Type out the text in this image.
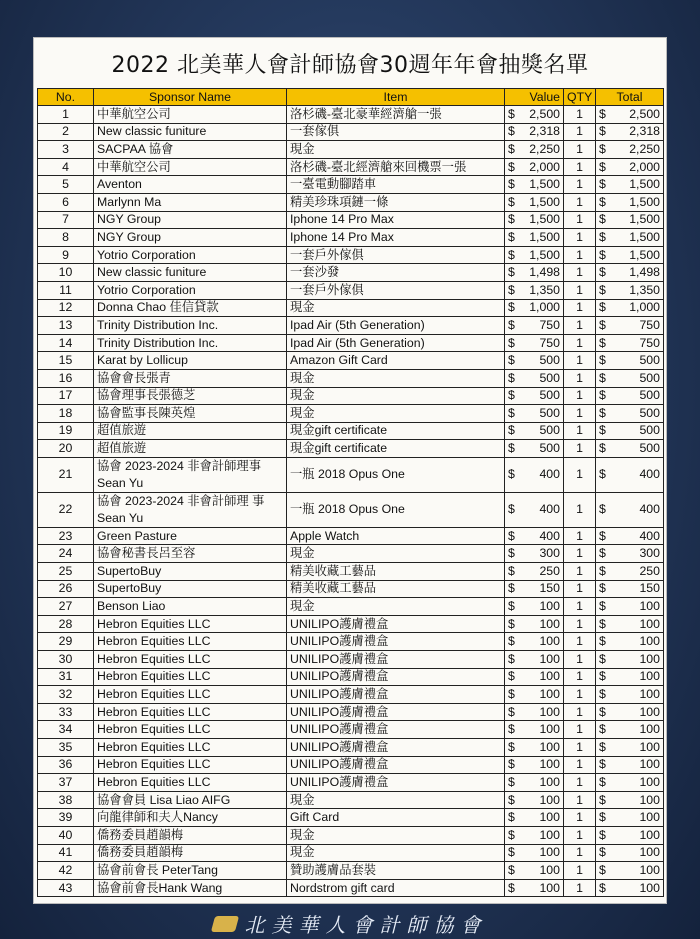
2022 北美華人會計師協會30週年年會抽獎名單
No.	Sponsor Name	Item	Value	QTY	Total
1	中華航空公司	洛杉磯-臺北豪華經濟艙一張	$ 2,500	1	$ 2,500

2	New classic funiture	一套傢俱	$ 2,318	1	$ 2,318

3	SACPAA 協會	現金	$ 2,250	1	$ 2,250

4	中華航空公司	洛杉磯-臺北經濟艙來回機票一張	$ 2,000	1	$ 2,000

5	Aventon	一臺電動腳踏車	$ 1,500	1	$ 1,500

6	Marlynn Ma	精美珍珠項鏈一條	$ 1,500	1	$ 1,500

7	NGY Group	Iphone 14 Pro Max	$ 1,500	1	$ 1,500

8	NGY Group	Iphone 14 Pro Max	$ 1,500	1	$ 1,500

9	Yotrio Corporation	一套戶外傢俱	$ 1,500	1	$ 1,500

10	New classic funiture	一套沙發	$ 1,498	1	$ 1,498

11	Yotrio Corporation	一套戶外傢俱	$ 1,350	1	$ 1,350

12	Donna Chao 佳信貸款	現金	$ 1,000	1	$ 1,000

13	Trinity Distribution Inc.	Ipad Air (5th Generation)	$ 750	1	$ 750

14	Trinity Distribution Inc.	Ipad Air (5th Generation)	$ 750	1	$ 750

15	Karat by Lollicup	Amazon Gift Card	$ 500	1	$ 500

16	協會會長張青	現金	$ 500	1	$ 500

17	協會理事長張德芝	現金	$ 500	1	$ 500

18	協會監事長陳英煌	現金	$ 500	1	$ 500

19	超值旅遊	現金gift certificate	$ 500	1	$ 500

20	超值旅遊	現金gift certificate	$ 500	1	$ 500

21	協會 2023-2024 非會計師理事Sean Yu	一瓶 2018 Opus One	$ 400	1	$ 400

22	協會 2023-2024 非會計師理 事Sean Yu	一瓶 2018 Opus One	$ 400	1	$ 400

23	Green Pasture	Apple Watch	$ 400	1	$ 400

24	協會秘書長呂至容	現金	$ 300	1	$ 300

25	SupertoBuy	精美收藏工藝品	$ 250	1	$ 250

26	SupertoBuy	精美收藏工藝品	$ 150	1	$ 150

27	Benson Liao	現金	$ 100	1	$ 100

28	Hebron Equities LLC	UNILIPO護膚禮盒	$ 100	1	$ 100

29	Hebron Equities LLC	UNILIPO護膚禮盒	$ 100	1	$ 100

30	Hebron Equities LLC	UNILIPO護膚禮盒	$ 100	1	$ 100

31	Hebron Equities LLC	UNILIPO護膚禮盒	$ 100	1	$ 100

32	Hebron Equities LLC	UNILIPO護膚禮盒	$ 100	1	$ 100

33	Hebron Equities LLC	UNILIPO護膚禮盒	$ 100	1	$ 100

34	Hebron Equities LLC	UNILIPO護膚禮盒	$ 100	1	$ 100

35	Hebron Equities LLC	UNILIPO護膚禮盒	$ 100	1	$ 100

36	Hebron Equities LLC	UNILIPO護膚禮盒	$ 100	1	$ 100

37	Hebron Equities LLC	UNILIPO護膚禮盒	$ 100	1	$ 100

38	協會會員 Lisa Liao AIFG	現金	$ 100	1	$ 100

39	向龍律師和夫人Nancy	Gift Card	$ 100	1	$ 100

40	僑務委員趙韻梅	現金	$ 100	1	$ 100

41	僑務委員趙韻梅	現金	$ 100	1	$ 100

42	協會前會長 PeterTang	贊助護膚品套裝	$ 100	1	$ 100

43	協會前會長Hank Wang	Nordstrom gift card	$ 100	1	$ 100
北美華人會計師協會
